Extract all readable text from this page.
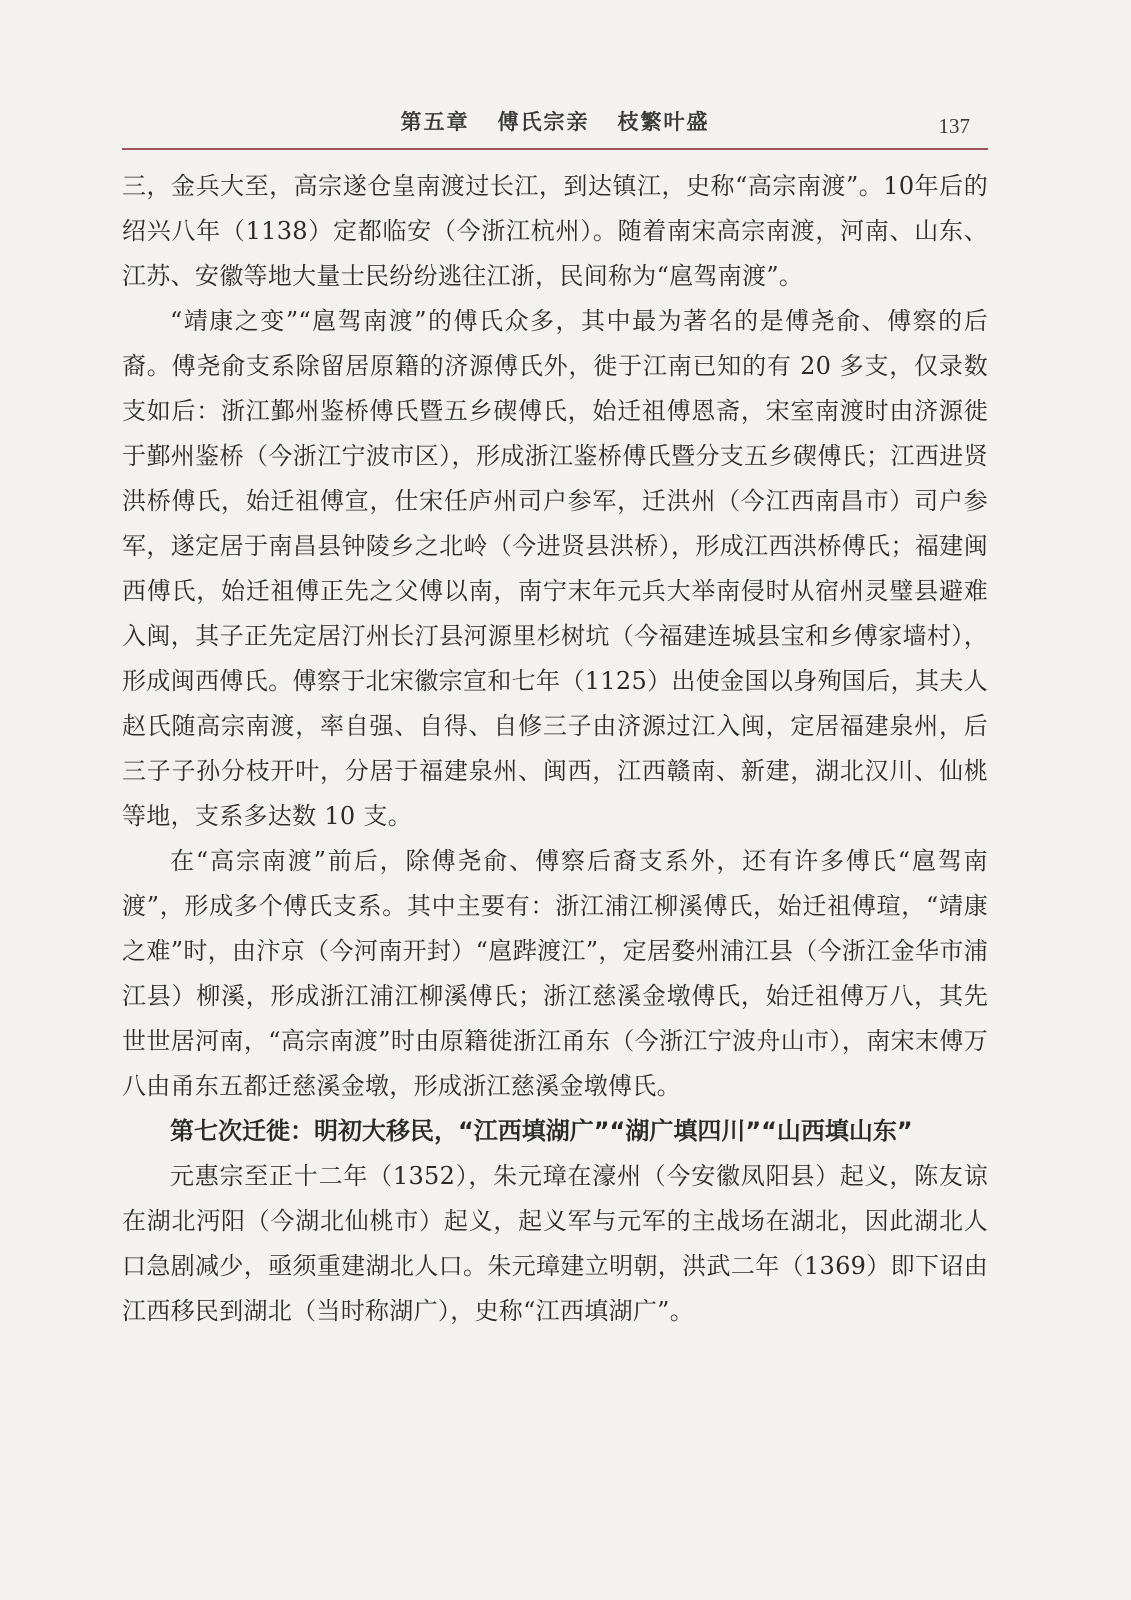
第五章 傅氏宗亲 枝繁叶盛	137

三，金兵大至，高宗遂仓皇南渡过长江，到达镇江，史称“高宗南渡”。10年后的绍兴八年（1138）定都临安（今浙江杭州）。随着南宋高宗南渡，河南、山东、江苏、安徽等地大量士民纷纷逃往江浙，民间称为“扈驾南渡”。

“靖康之变”“扈驾南渡”的傅氏众多，其中最为著名的是傅尧俞、傅察的后裔。傅尧俞支系除留居原籍的济源傅氏外，徙于江南已知的有 20 多支，仅录数支如后：浙江鄞州鉴桥傅氏暨五乡碶傅氏，始迁祖傅恩斋，宋室南渡时由济源徙于鄞州鉴桥（今浙江宁波市区），形成浙江鉴桥傅氏暨分支五乡碶傅氏；江西进贤洪桥傅氏，始迁祖傅宣，仕宋任庐州司户参军，迁洪州（今江西南昌市）司户参军，遂定居于南昌县钟陵乡之北岭（今进贤县洪桥），形成江西洪桥傅氏；福建闽西傅氏，始迁祖傅正先之父傅以南，南宁末年元兵大举南侵时从宿州灵璧县避难入闽，其子正先定居汀州长汀县河源里杉树坑（今福建连城县宝和乡傅家墙村），形成闽西傅氏。傅察于北宋徽宗宣和七年（1125）出使金国以身殉国后，其夫人赵氏随高宗南渡，率自强、自得、自修三子由济源过江入闽，定居福建泉州，后三子子孙分枝开叶，分居于福建泉州、闽西，江西赣南、新建，湖北汉川、仙桃等地，支系多达数 10 支。

在“高宗南渡”前后，除傅尧俞、傅察后裔支系外，还有许多傅氏“扈驾南渡”，形成多个傅氏支系。其中主要有：浙江浦江柳溪傅氏，始迁祖傅瑄，“靖康之难”时，由汴京（今河南开封）“扈跸渡江”，定居婺州浦江县（今浙江金华市浦江县）柳溪，形成浙江浦江柳溪傅氏；浙江慈溪金墩傅氏，始迁祖傅万八，其先世世居河南，“高宗南渡”时由原籍徙浙江甬东（今浙江宁波舟山市），南宋末傅万八由甬东五都迁慈溪金墩，形成浙江慈溪金墩傅氏。

第七次迁徙：明初大移民，“江西填湖广”“湖广填四川”“山西填山东”

元惠宗至正十二年（1352），朱元璋在濠州（今安徽凤阳县）起义，陈友谅在湖北沔阳（今湖北仙桃市）起义，起义军与元军的主战场在湖北，因此湖北人口急剧减少，亟须重建湖北人口。朱元璋建立明朝，洪武二年（1369）即下诏由江西移民到湖北（当时称湖广），史称“江西填湖广”。
